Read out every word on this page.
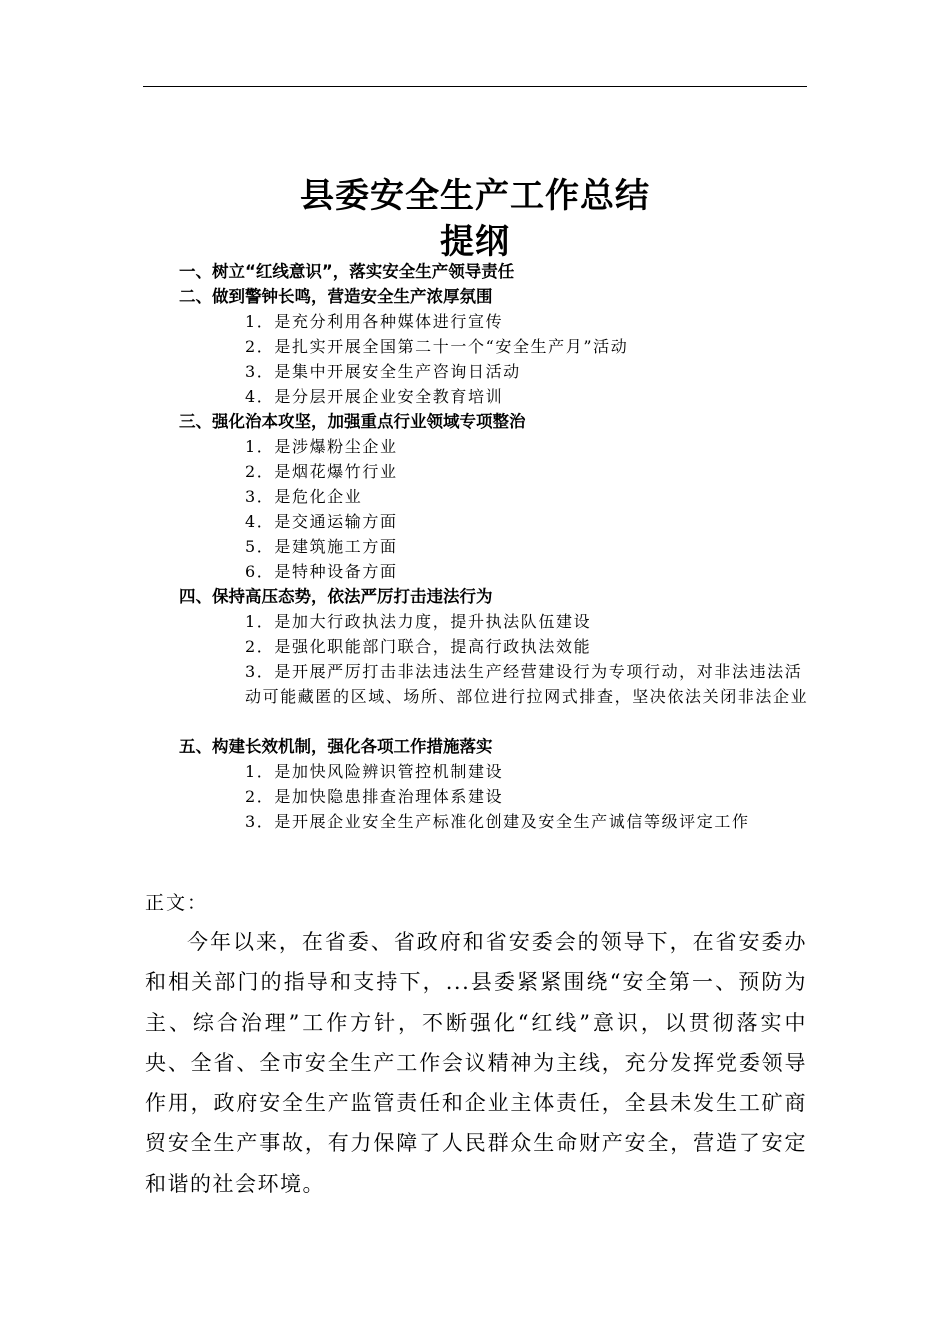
县委安全生产工作总结
提纲
一、树立“红线意识”，落实安全生产领导责任
二、做到警钟长鸣，营造安全生产浓厚氛围
1．是充分利用各种媒体进行宣传
2．是扎实开展全国第二十一个“安全生产月”活动
3．是集中开展安全生产咨询日活动
4．是分层开展企业安全教育培训
三、强化治本攻坚，加强重点行业领域专项整治
1．是涉爆粉尘企业
2．是烟花爆竹行业
3．是危化企业
4．是交通运输方面
5．是建筑施工方面
6．是特种设备方面
四、保持高压态势，依法严厉打击违法行为
1．是加大行政执法力度，提升执法队伍建设
2．是强化职能部门联合，提高行政执法效能
3．是开展严厉打击非法违法生产经营建设行为专项行动，对非法违法活动可能藏匿的区域、场所、部位进行拉网式排查，坚决依法关闭非法企业
五、构建长效机制，强化各项工作措施落实
1．是加快风险辨识管控机制建设
2．是加快隐患排查治理体系建设
3．是开展企业安全生产标准化创建及安全生产诚信等级评定工作
正文：
今年以来，在省委、省政府和省安委会的领导下，在省安委办和相关部门的指导和支持下，...县委紧紧围绕“安全第一、预防为主、综合治理”工作方针，不断强化“红线”意识，以贯彻落实中央、全省、全市安全生产工作会议精神为主线，充分发挥党委领导作用，政府安全生产监管责任和企业主体责任，全县未发生工矿商贸安全生产事故，有力保障了人民群众生命财产安全，营造了安定和谐的社会环境。
